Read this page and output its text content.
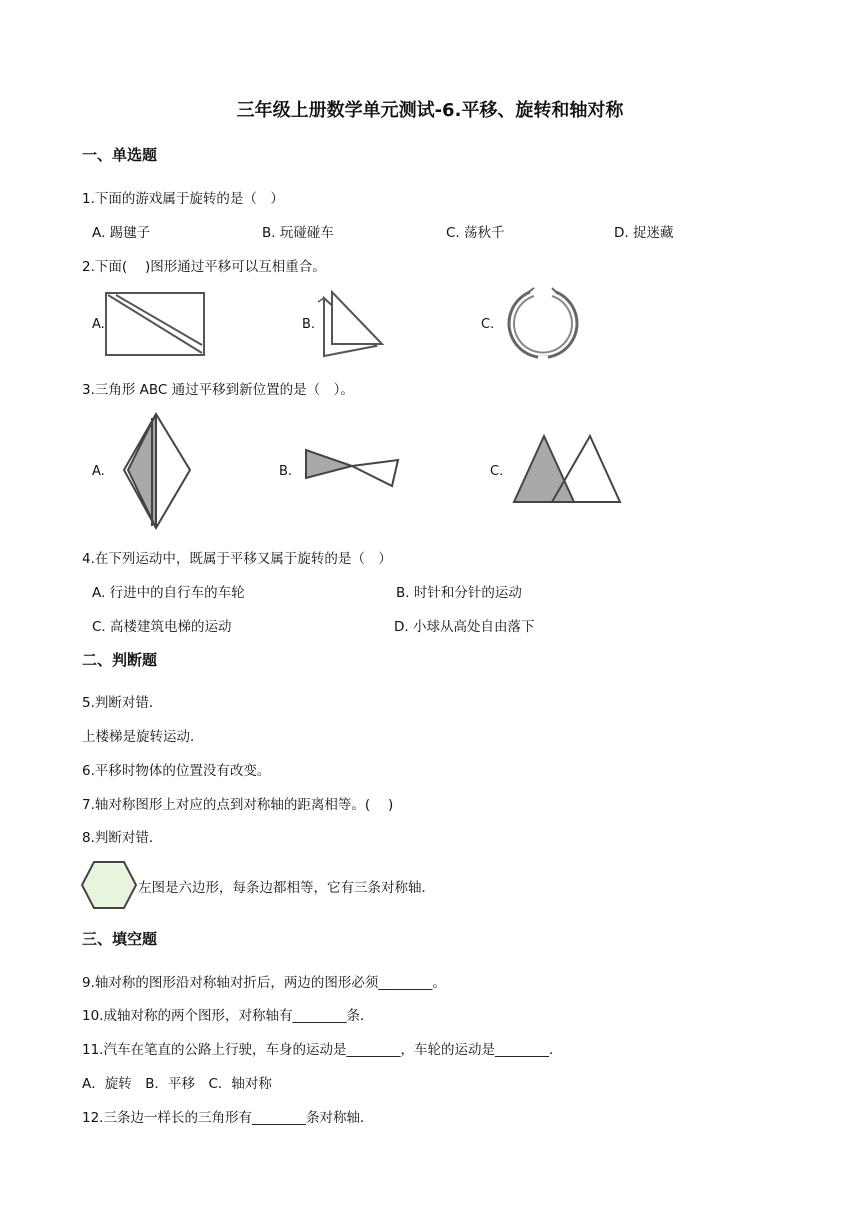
三年级上册数学单元测试-6.平移、旋转和轴对称
一、单选题
1.下面的游戏属于旋转的是（　）
A. 踢毽子	B. 玩碰碰车	C. 荡秋千	D. 捉迷藏
2.下面(　 )图形通过平移可以互相重合。
A.	B.	C.
3.三角形 ABC 通过平移到新位置的是（　）。
A.	B.	C.
4.在下列运动中，既属于平移又属于旋转的是（　）
A. 行进中的自行车的车轮	B. 时针和分针的运动
C. 高楼建筑电梯的运动	D. 小球从高处自由落下
二、判断题
5.判断对错．
上楼梯是旋转运动．
6.平移时物体的位置没有改变。
7.轴对称图形上对应的点到对称轴的距离相等。(　 )
8.判断对错．
左图是六边形，每条边都相等，它有三条对称轴．
三、填空题
9.轴对称的图形沿对称轴对折后，两边的图形必须________。
10.成轴对称的两个图形，对称轴有________条．
11.汽车在笔直的公路上行驶，车身的运动是________，车轮的运动是________．
A．旋转　B．平移　C．轴对称
12.三条边一样长的三角形有________条对称轴．
